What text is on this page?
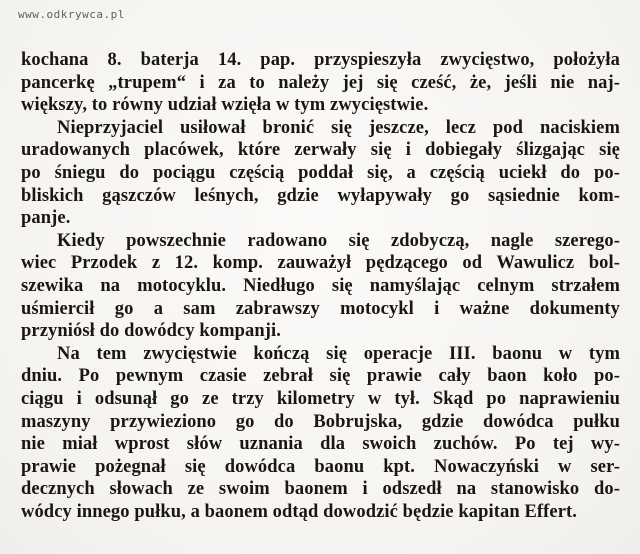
www.odkrywca.pl
kochana 8. baterja 14. pap. przyspieszyła zwycięstwo, położyła
pancerkę „trupem“ i za to należy jej się cześć, że, jeśli nie naj-
większy, to równy udział wzięła w tym zwycięstwie.
Nieprzyjaciel usiłował bronić się jeszcze, lecz pod naciskiem
uradowanych placówek, które zerwały się i dobiegały ślizgając się
po śniegu do pociągu częścią poddał się, a częścią uciekł do po-
bliskich gąszczów leśnych, gdzie wyłapywały go sąsiednie kom-
panje.
Kiedy powszechnie radowano się zdobyczą, nagle szerego-
wiec Przodek z 12. komp. zauważył pędzącego od Wawulicz bol-
szewika na motocyklu. Niedługo się namyślając celnym strzałem
uśmiercił go a sam zabrawszy motocykl i ważne dokumenty
przyniósł do dowódcy kompanji.
Na tem zwycięstwie kończą się operacje III. baonu w tym
dniu. Po pewnym czasie zebrał się prawie cały baon koło po-
ciągu i odsunął go ze trzy kilometry w tył. Skąd po naprawieniu
maszyny przywieziono go do Bobrujska, gdzie dowódca pułku
nie miał wprost słów uznania dla swoich zuchów. Po tej wy-
prawie pożegnał się dowódca baonu kpt. Nowaczyński w ser-
decznych słowach ze swoim baonem i odszedł na stanowisko do-
wódcy innego pułku, a baonem odtąd dowodzić będzie kapitan Effert.
